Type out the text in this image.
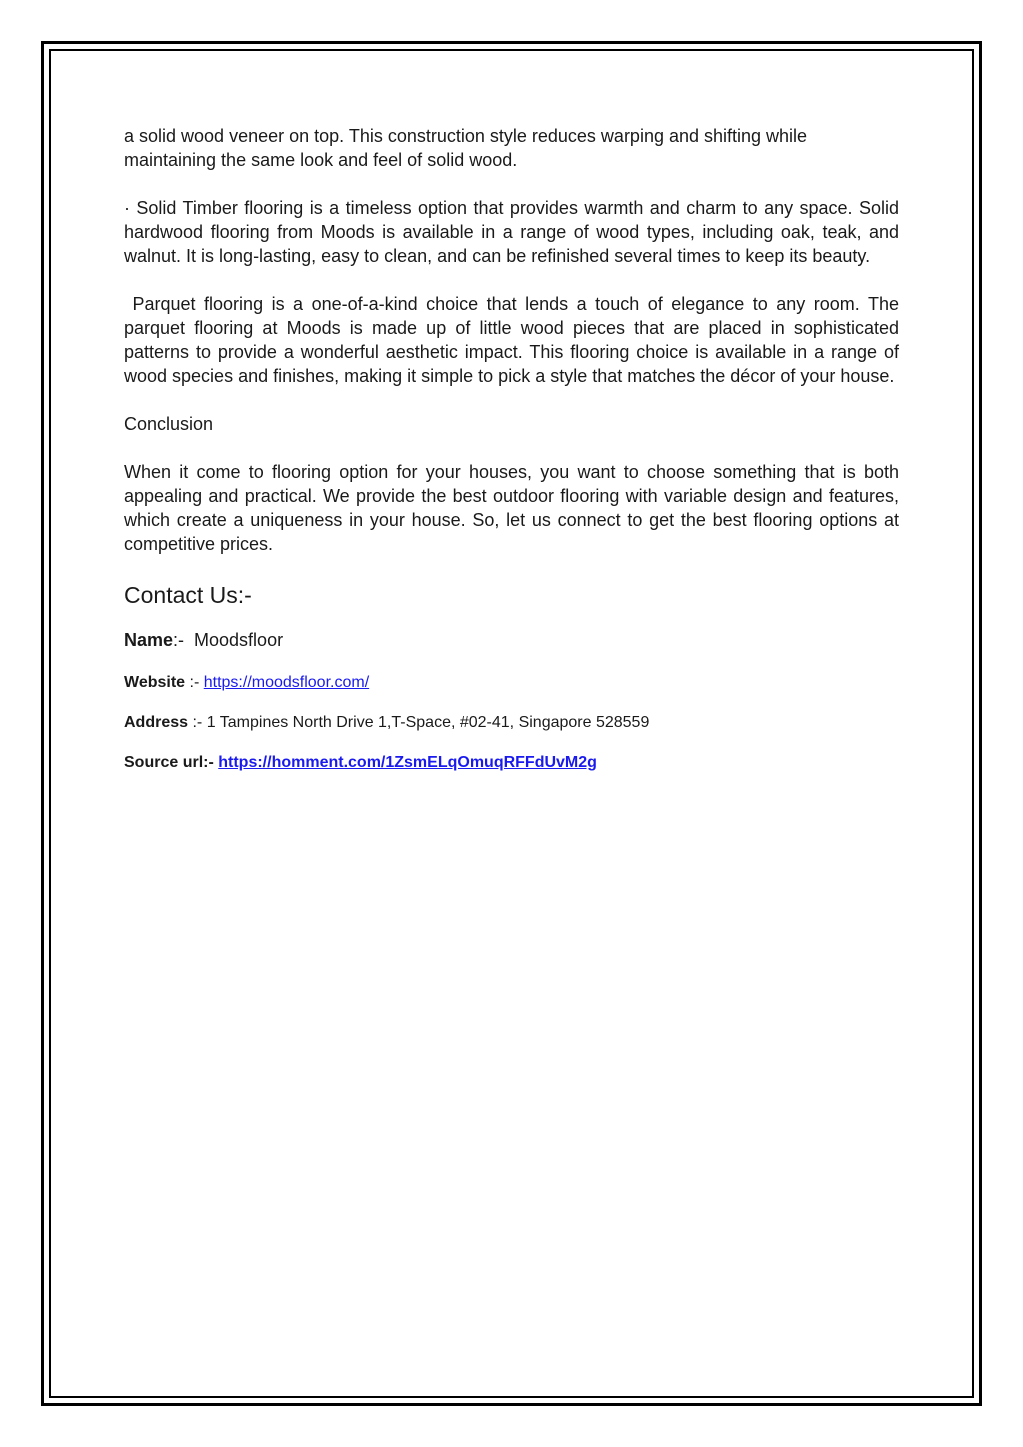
a solid wood veneer on top. This construction style reduces warping and shifting while maintaining the same look and feel of solid wood.

· Solid Timber flooring is a timeless option that provides warmth and charm to any space. Solid hardwood flooring from Moods is available in a range of wood types, including oak, teak, and walnut. It is long-lasting, easy to clean, and can be refinished several times to keep its beauty.

Parquet flooring is a one-of-a-kind choice that lends a touch of elegance to any room. The parquet flooring at Moods is made up of little wood pieces that are placed in sophisticated patterns to provide a wonderful aesthetic impact. This flooring choice is available in a range of wood species and finishes, making it simple to pick a style that matches the décor of your house.

Conclusion

When it come to flooring option for your houses, you want to choose something that is both appealing and practical. We provide the best outdoor flooring with variable design and features, which create a uniqueness in your house. So, let us connect to get the best flooring options at competitive prices.

Contact Us:-

Name:-  Moodsfloor

Website :- https://moodsfloor.com/

Address :- 1 Tampines North Drive 1,T-Space, #02-41, Singapore 528559

Source url:- https://homment.com/1ZsmELqOmuqRFFdUvM2g
